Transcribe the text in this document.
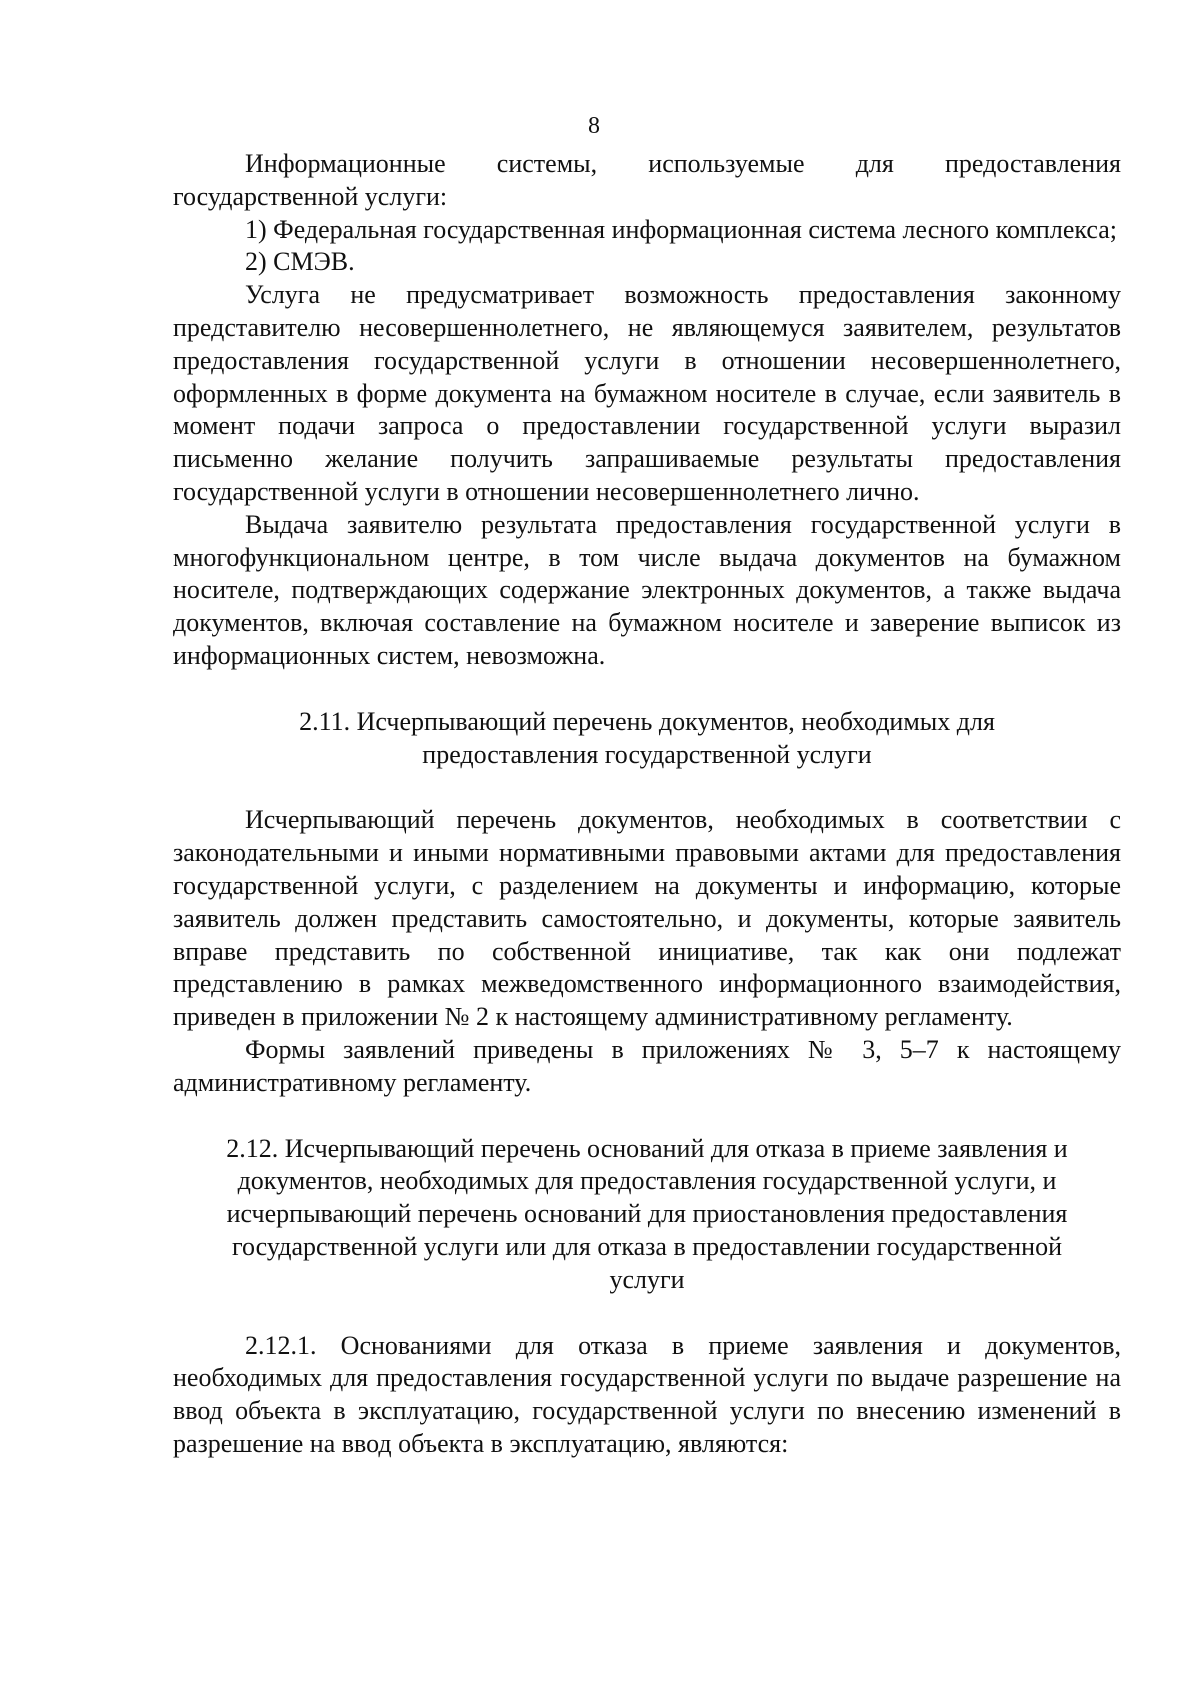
8

Информационные системы, используемые для предоставления государственной услуги:

1) Федеральная государственная информационная система лесного комплекса;

2) СМЭВ.

Услуга не предусматривает возможность предоставления законному представителю несовершеннолетнего, не являющемуся заявителем, результатов предоставления государственной услуги в отношении несовершеннолетнего, оформленных в форме документа на бумажном носителе в случае, если заявитель в момент подачи запроса о предоставлении государственной услуги выразил письменно желание получить запрашиваемые результаты предоставления государственной услуги в отношении несовершеннолетнего лично.

Выдача заявителю результата предоставления государственной услуги в многофункциональном центре, в том числе выдача документов на бумажном носителе, подтверждающих содержание электронных документов, а также выдача документов, включая составление на бумажном носителе и заверение выписок из информационных систем, невозможна.

2.11. Исчерпывающий перечень документов, необходимых для
предоставления государственной услуги

Исчерпывающий перечень документов, необходимых в соответствии с законодательными и иными нормативными правовыми актами для предоставления государственной услуги, с разделением на документы и информацию, которые заявитель должен представить самостоятельно, и документы, которые заявитель вправе представить по собственной инициативе, так как они подлежат представлению в рамках межведомственного информационного взаимодействия, приведен в приложении № 2 к настоящему административному регламенту.

Формы заявлений приведены в приложениях № 3, 5–7 к настоящему административному регламенту.

2.12. Исчерпывающий перечень оснований для отказа в приеме заявления и
документов, необходимых для предоставления государственной услуги, и
исчерпывающий перечень оснований для приостановления предоставления
государственной услуги или для отказа в предоставлении государственной
услуги

2.12.1. Основаниями для отказа в приеме заявления и документов, необходимых для предоставления государственной услуги по выдаче разрешение на ввод объекта в эксплуатацию, государственной услуги по внесению изменений в разрешение на ввод объекта в эксплуатацию, являются:
